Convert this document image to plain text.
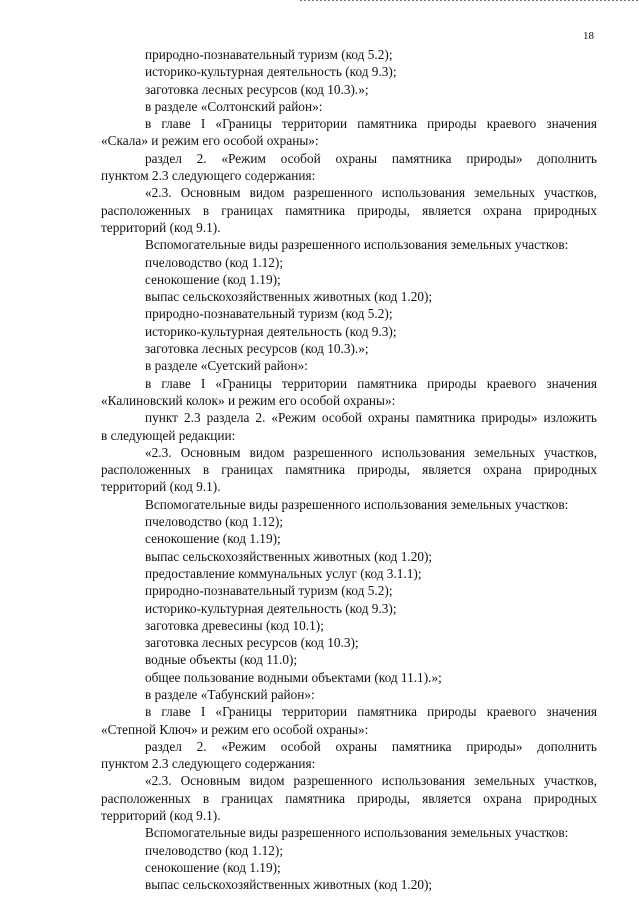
18
природно-познавательный туризм (код 5.2);
историко-культурная деятельность (код 9.3);
заготовка лесных ресурсов (код 10.3).»;
в разделе «Солтонский район»:
в главе I «Границы территории памятника природы краевого значения
«Скала» и режим его особой охраны»:
раздел 2. «Режим особой охраны памятника природы» дополнить
пунктом 2.3 следующего содержания:
«2.3. Основным видом разрешенного использования земельных участков,
расположенных в границах памятника природы, является охрана природных
территорий (код 9.1).
Вспомогательные виды разрешенного использования земельных участков:
пчеловодство (код 1.12);
сенокошение (код 1.19);
выпас сельскохозяйственных животных (код 1.20);
природно-познавательный туризм (код 5.2);
историко-культурная деятельность (код 9.3);
заготовка лесных ресурсов (код 10.3).»;
в разделе «Суетский район»:
в главе I «Границы территории памятника природы краевого значения
«Калиновский колок» и режим его особой охраны»:
пункт 2.3 раздела 2. «Режим особой охраны памятника природы» изложить
в следующей редакции:
«2.3. Основным видом разрешенного использования земельных участков,
расположенных в границах памятника природы, является охрана природных
территорий (код 9.1).
Вспомогательные виды разрешенного использования земельных участков:
пчеловодство (код 1.12);
сенокошение (код 1.19);
выпас сельскохозяйственных животных (код 1.20);
предоставление коммунальных услуг (код 3.1.1);
природно-познавательный туризм (код 5.2);
историко-культурная деятельность (код 9.3);
заготовка древесины (код 10.1);
заготовка лесных ресурсов (код 10.3);
водные объекты (код 11.0);
общее пользование водными объектами (код 11.1).»;
в разделе «Табунский район»:
в главе I «Границы территории памятника природы краевого значения
«Степной Ключ» и режим его особой охраны»:
раздел 2. «Режим особой охраны памятника природы» дополнить
пунктом 2.3 следующего содержания:
«2.3. Основным видом разрешенного использования земельных участков,
расположенных в границах памятника природы, является охрана природных
территорий (код 9.1).
Вспомогательные виды разрешенного использования земельных участков:
пчеловодство (код 1.12);
сенокошение (код 1.19);
выпас сельскохозяйственных животных (код 1.20);
